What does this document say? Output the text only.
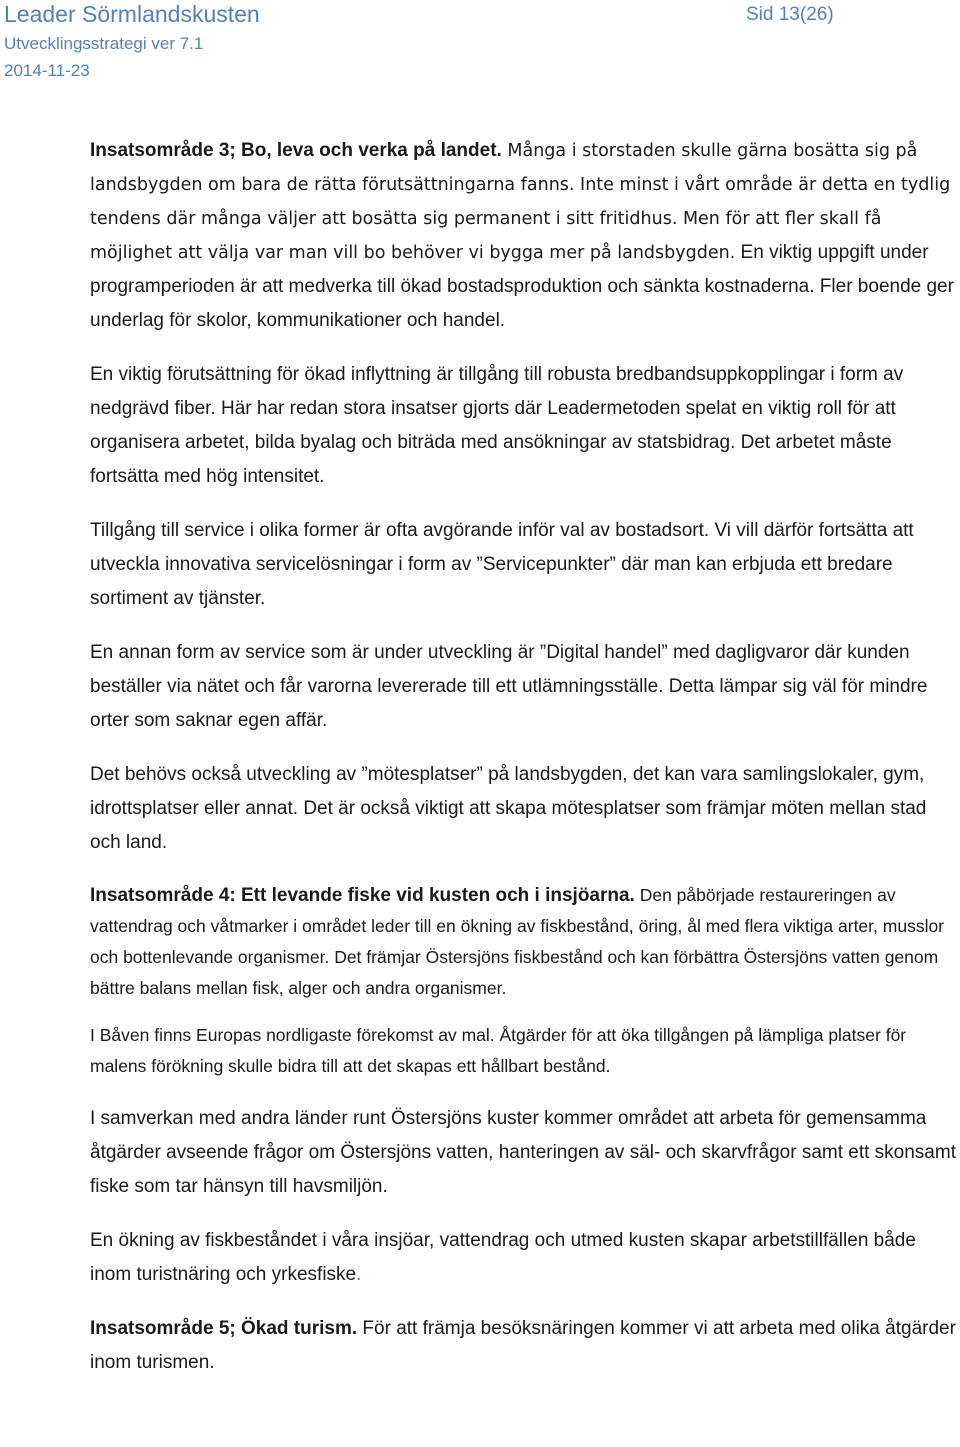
Leader Sörmlandskusten	Sid 13(26)
Utvecklingsstrategi ver 7.1
2014-11-23

Insatsområde 3; Bo, leva och verka på landet. Många i storstaden skulle gärna bosätta sig på landsbygden om bara de rätta förutsättningarna fanns. Inte minst i vårt område är detta en tydlig tendens där många väljer att bosätta sig permanent i sitt fritidhus. Men för att fler skall få möjlighet att välja var man vill bo behöver vi bygga mer på landsbygden. En viktig uppgift under programperioden är att medverka till ökad bostadsproduktion och sänkta kostnaderna. Fler boende ger underlag för skolor, kommunikationer och handel.

En viktig förutsättning för ökad inflyttning är tillgång till robusta bredbandsuppkopplingar i form av nedgrävd fiber. Här har redan stora insatser gjorts där Leadermetoden spelat en viktig roll för att organisera arbetet, bilda byalag och biträda med ansökningar av statsbidrag. Det arbetet måste fortsätta med hög intensitet.

Tillgång till service i olika former är ofta avgörande inför val av bostadsort. Vi vill därför fortsätta att utveckla innovativa servicelösningar i form av ”Servicepunkter” där man kan erbjuda ett bredare sortiment av tjänster.

En annan form av service som är under utveckling är ”Digital handel” med dagligvaror där kunden beställer via nätet och får varorna levererade till ett utlämningsställe. Detta lämpar sig väl för mindre orter som saknar egen affär.

Det behövs också utveckling av ”mötesplatser” på landsbygden, det kan vara samlingslokaler, gym, idrottsplatser eller annat. Det är också viktigt att skapa mötesplatser som främjar möten mellan stad och land.

Insatsområde 4: Ett levande fiske vid kusten och i insjöarna. Den påbörjade restaureringen av vattendrag och våtmarker i området leder till en ökning av fiskbestånd, öring, ål med flera viktiga arter, musslor och bottenlevande organismer. Det främjar Östersjöns fiskbestånd och kan förbättra Östersjöns vatten genom bättre balans mellan fisk, alger och andra organismer.

I Båven finns Europas nordligaste förekomst av mal. Åtgärder för att öka tillgången på lämpliga platser för malens förökning skulle bidra till att det skapas ett hållbart bestånd.

I samverkan med andra länder runt Östersjöns kuster kommer området att arbeta för gemensamma åtgärder avseende frågor om Östersjöns vatten, hanteringen av säl- och skarvfrågor samt ett skonsamt fiske som tar hänsyn till havsmiljön.

En ökning av fiskbeståndet i våra insjöar, vattendrag och utmed kusten skapar arbetstillfällen både inom turistnäring och yrkesfiske.

Insatsområde 5; Ökad turism. För att främja besöksnäringen kommer vi att arbeta med olika åtgärder inom turismen.
